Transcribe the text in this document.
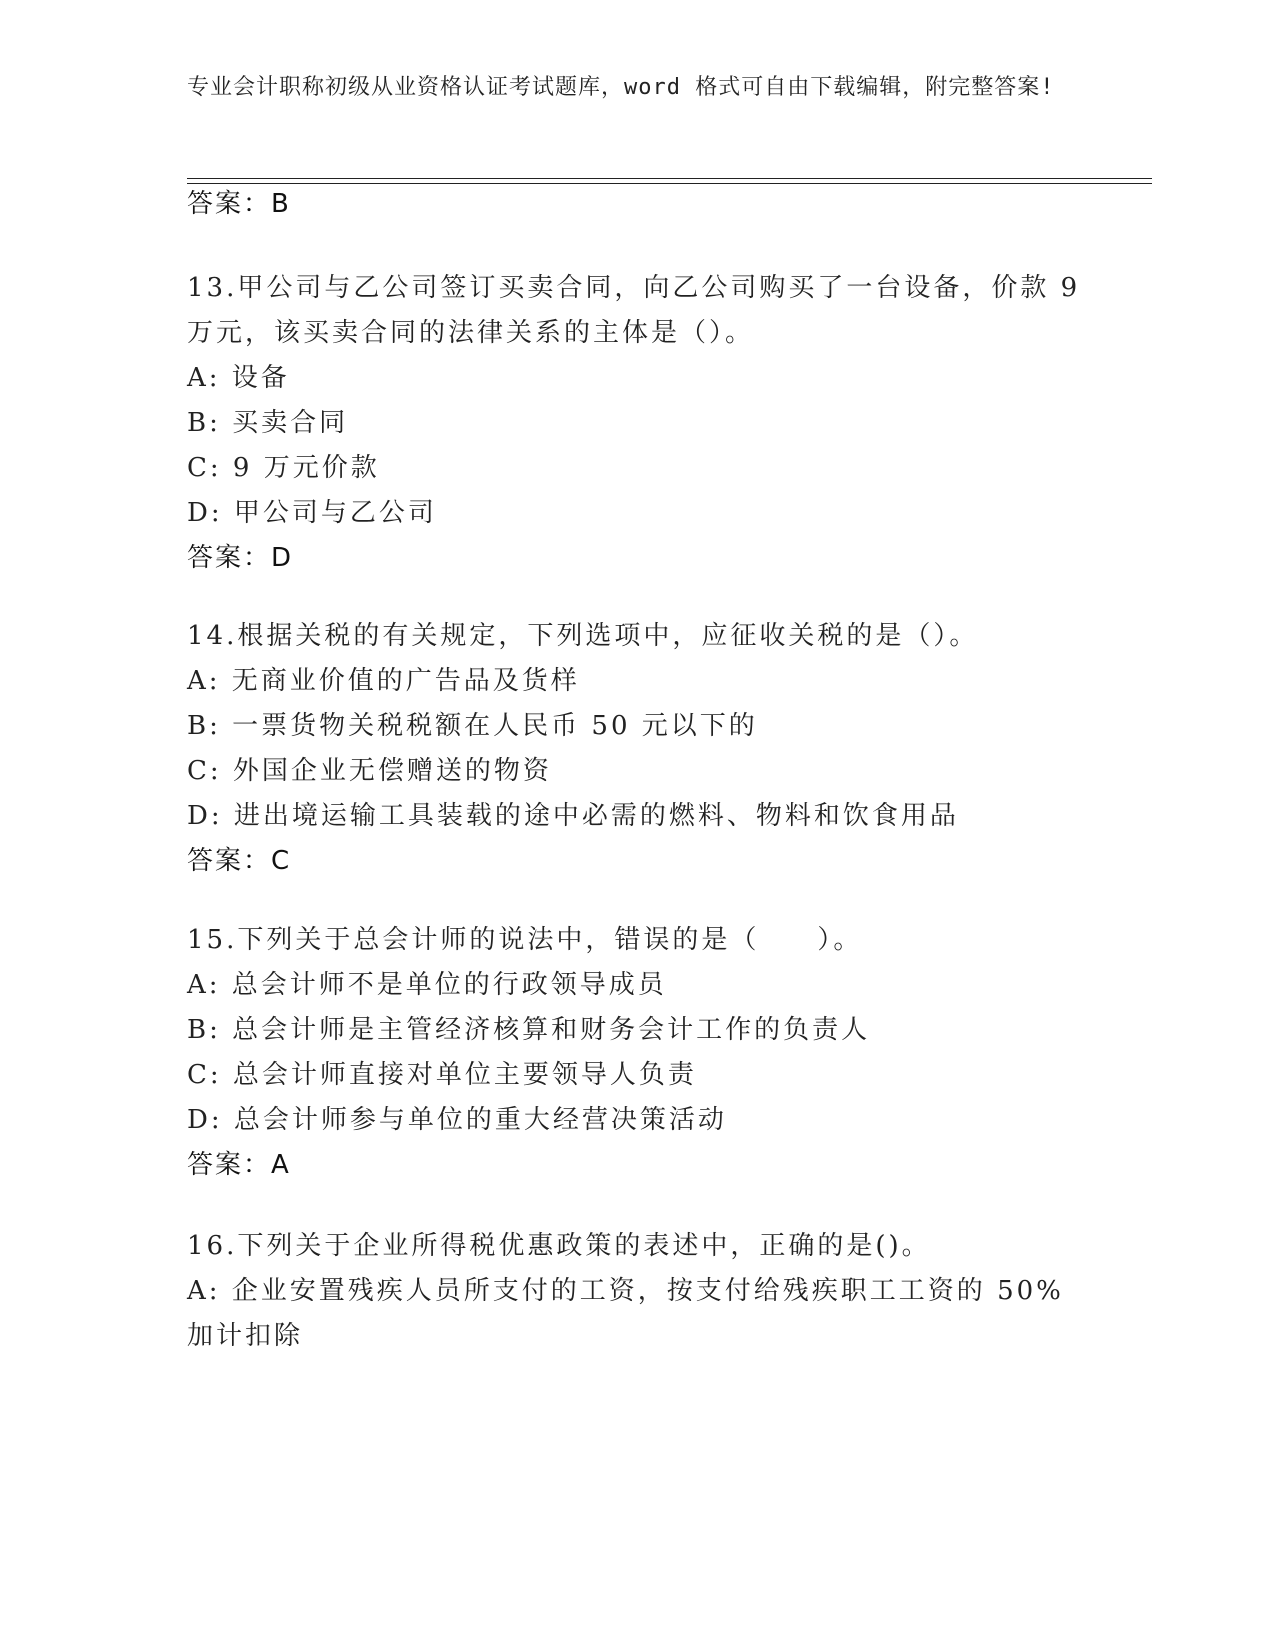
专业会计职称初级从业资格认证考试题库，word 格式可自由下载编辑，附完整答案!

答案：B

13.甲公司与乙公司签订买卖合同，向乙公司购买了一台设备，价款 9 万元，该买卖合同的法律关系的主体是（）。

A: 设备

B: 买卖合同

C: 9 万元价款

D: 甲公司与乙公司

答案：D

14.根据关税的有关规定，下列选项中，应征收关税的是（）。

A: 无商业价值的广告品及货样

B: 一票货物关税税额在人民币 50 元以下的

C: 外国企业无偿赠送的物资

D: 进出境运输工具装载的途中必需的燃料、物料和饮食用品

答案：C

15.下列关于总会计师的说法中，错误的是（　　）。

A: 总会计师不是单位的行政领导成员

B: 总会计师是主管经济核算和财务会计工作的负责人

C: 总会计师直接对单位主要领导人负责

D: 总会计师参与单位的重大经营决策活动

答案：A

16.下列关于企业所得税优惠政策的表述中，正确的是()。

A: 企业安置残疾人员所支付的工资，按支付给残疾职工工资的 50%加计扣除
